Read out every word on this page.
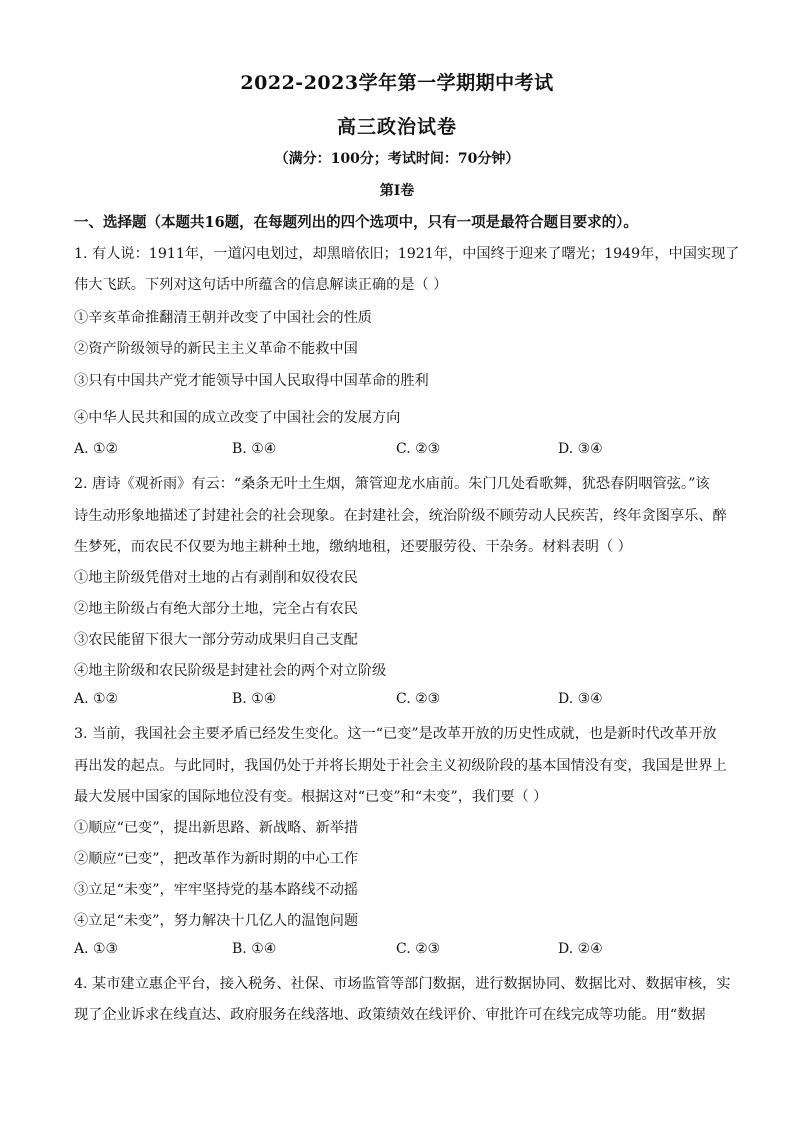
2022-2023学年第一学期期中考试
高三政治试卷
（满分：100分；考试时间：70分钟）
第I卷
一、选择题（本题共16题，在每题列出的四个选项中，只有一项是最符合题目要求的）。
1. 有人说：1911年，一道闪电划过，却黑暗依旧；1921年，中国终于迎来了曙光；1949年，中国实现了
伟大飞跃。下列对这句话中所蕴含的信息解读正确的是（ ）
①辛亥革命推翻清王朝并改变了中国社会的性质
②资产阶级领导的新民主主义革命不能救中国
③只有中国共产党才能领导中国人民取得中国革命的胜利
④中华人民共和国的成立改变了中国社会的发展方向
A. ①②	B. ①④	C. ②③	D. ③④
2. 唐诗《观祈雨》有云：“桑条无叶土生烟，箫管迎龙水庙前。朱门几处看歌舞，犹恐春阴咽管弦。”该
诗生动形象地描述了封建社会的社会现象。在封建社会，统治阶级不顾劳动人民疾苦，终年贪图享乐、醉
生梦死，而农民不仅要为地主耕种土地，缴纳地租，还要服劳役、干杂务。材料表明（ ）
①地主阶级凭借对土地的占有剥削和奴役农民
②地主阶级占有绝大部分土地，完全占有农民
③农民能留下很大一部分劳动成果归自己支配
④地主阶级和农民阶级是封建社会的两个对立阶级
A. ①②	B. ①④	C. ②③	D. ③④
3. 当前，我国社会主要矛盾已经发生变化。这一“已变”是改革开放的历史性成就，也是新时代改革开放
再出发的起点。与此同时，我国仍处于并将长期处于社会主义初级阶段的基本国情没有变，我国是世界上
最大发展中国家的国际地位没有变。根据这对“已变”和“未变”，我们要（ ）
①顺应“已变”，提出新思路、新战略、新举措
②顺应“已变”，把改革作为新时期的中心工作
③立足“未变”，牢牢坚持党的基本路线不动摇
④立足“未变”，努力解决十几亿人的温饱问题
A. ①③	B. ①④	C. ②③	D. ②④
4. 某市建立惠企平台，接入税务、社保、市场监管等部门数据，进行数据协同、数据比对、数据审核，实
现了企业诉求在线直达、政府服务在线落地、政策绩效在线评价、审批许可在线完成等功能。用“数据
